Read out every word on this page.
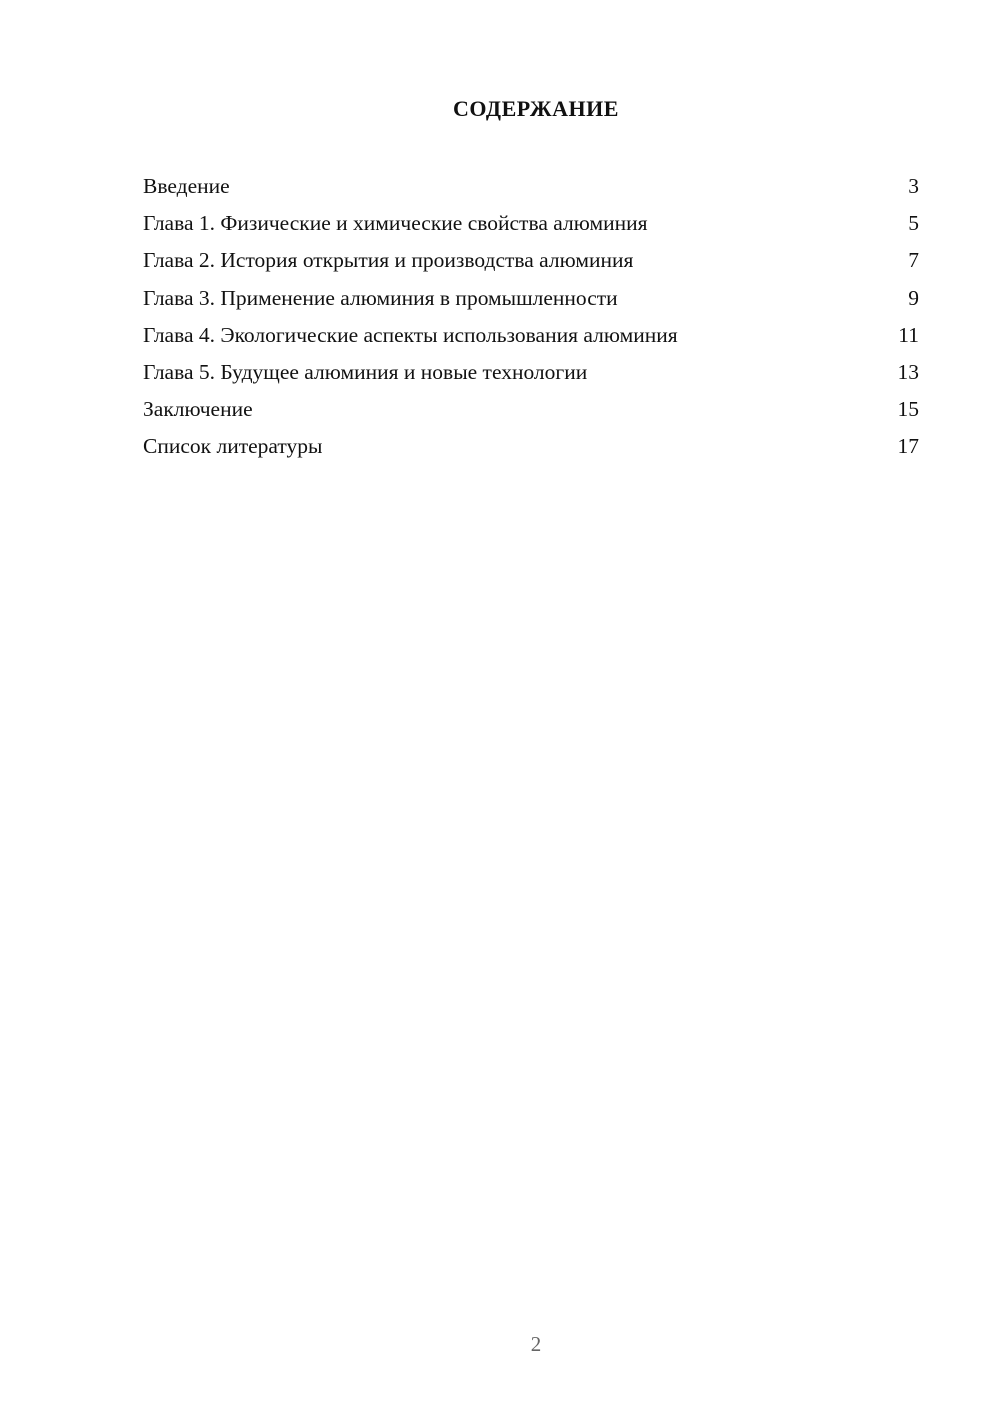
СОДЕРЖАНИЕ
Введение	3
Глава 1. Физические и химические свойства алюминия	5
Глава 2. История открытия и производства алюминия	7
Глава 3. Применение алюминия в промышленности	9
Глава 4. Экологические аспекты использования алюминия	11
Глава 5. Будущее алюминия и новые технологии	13
Заключение	15
Список литературы	17
2
